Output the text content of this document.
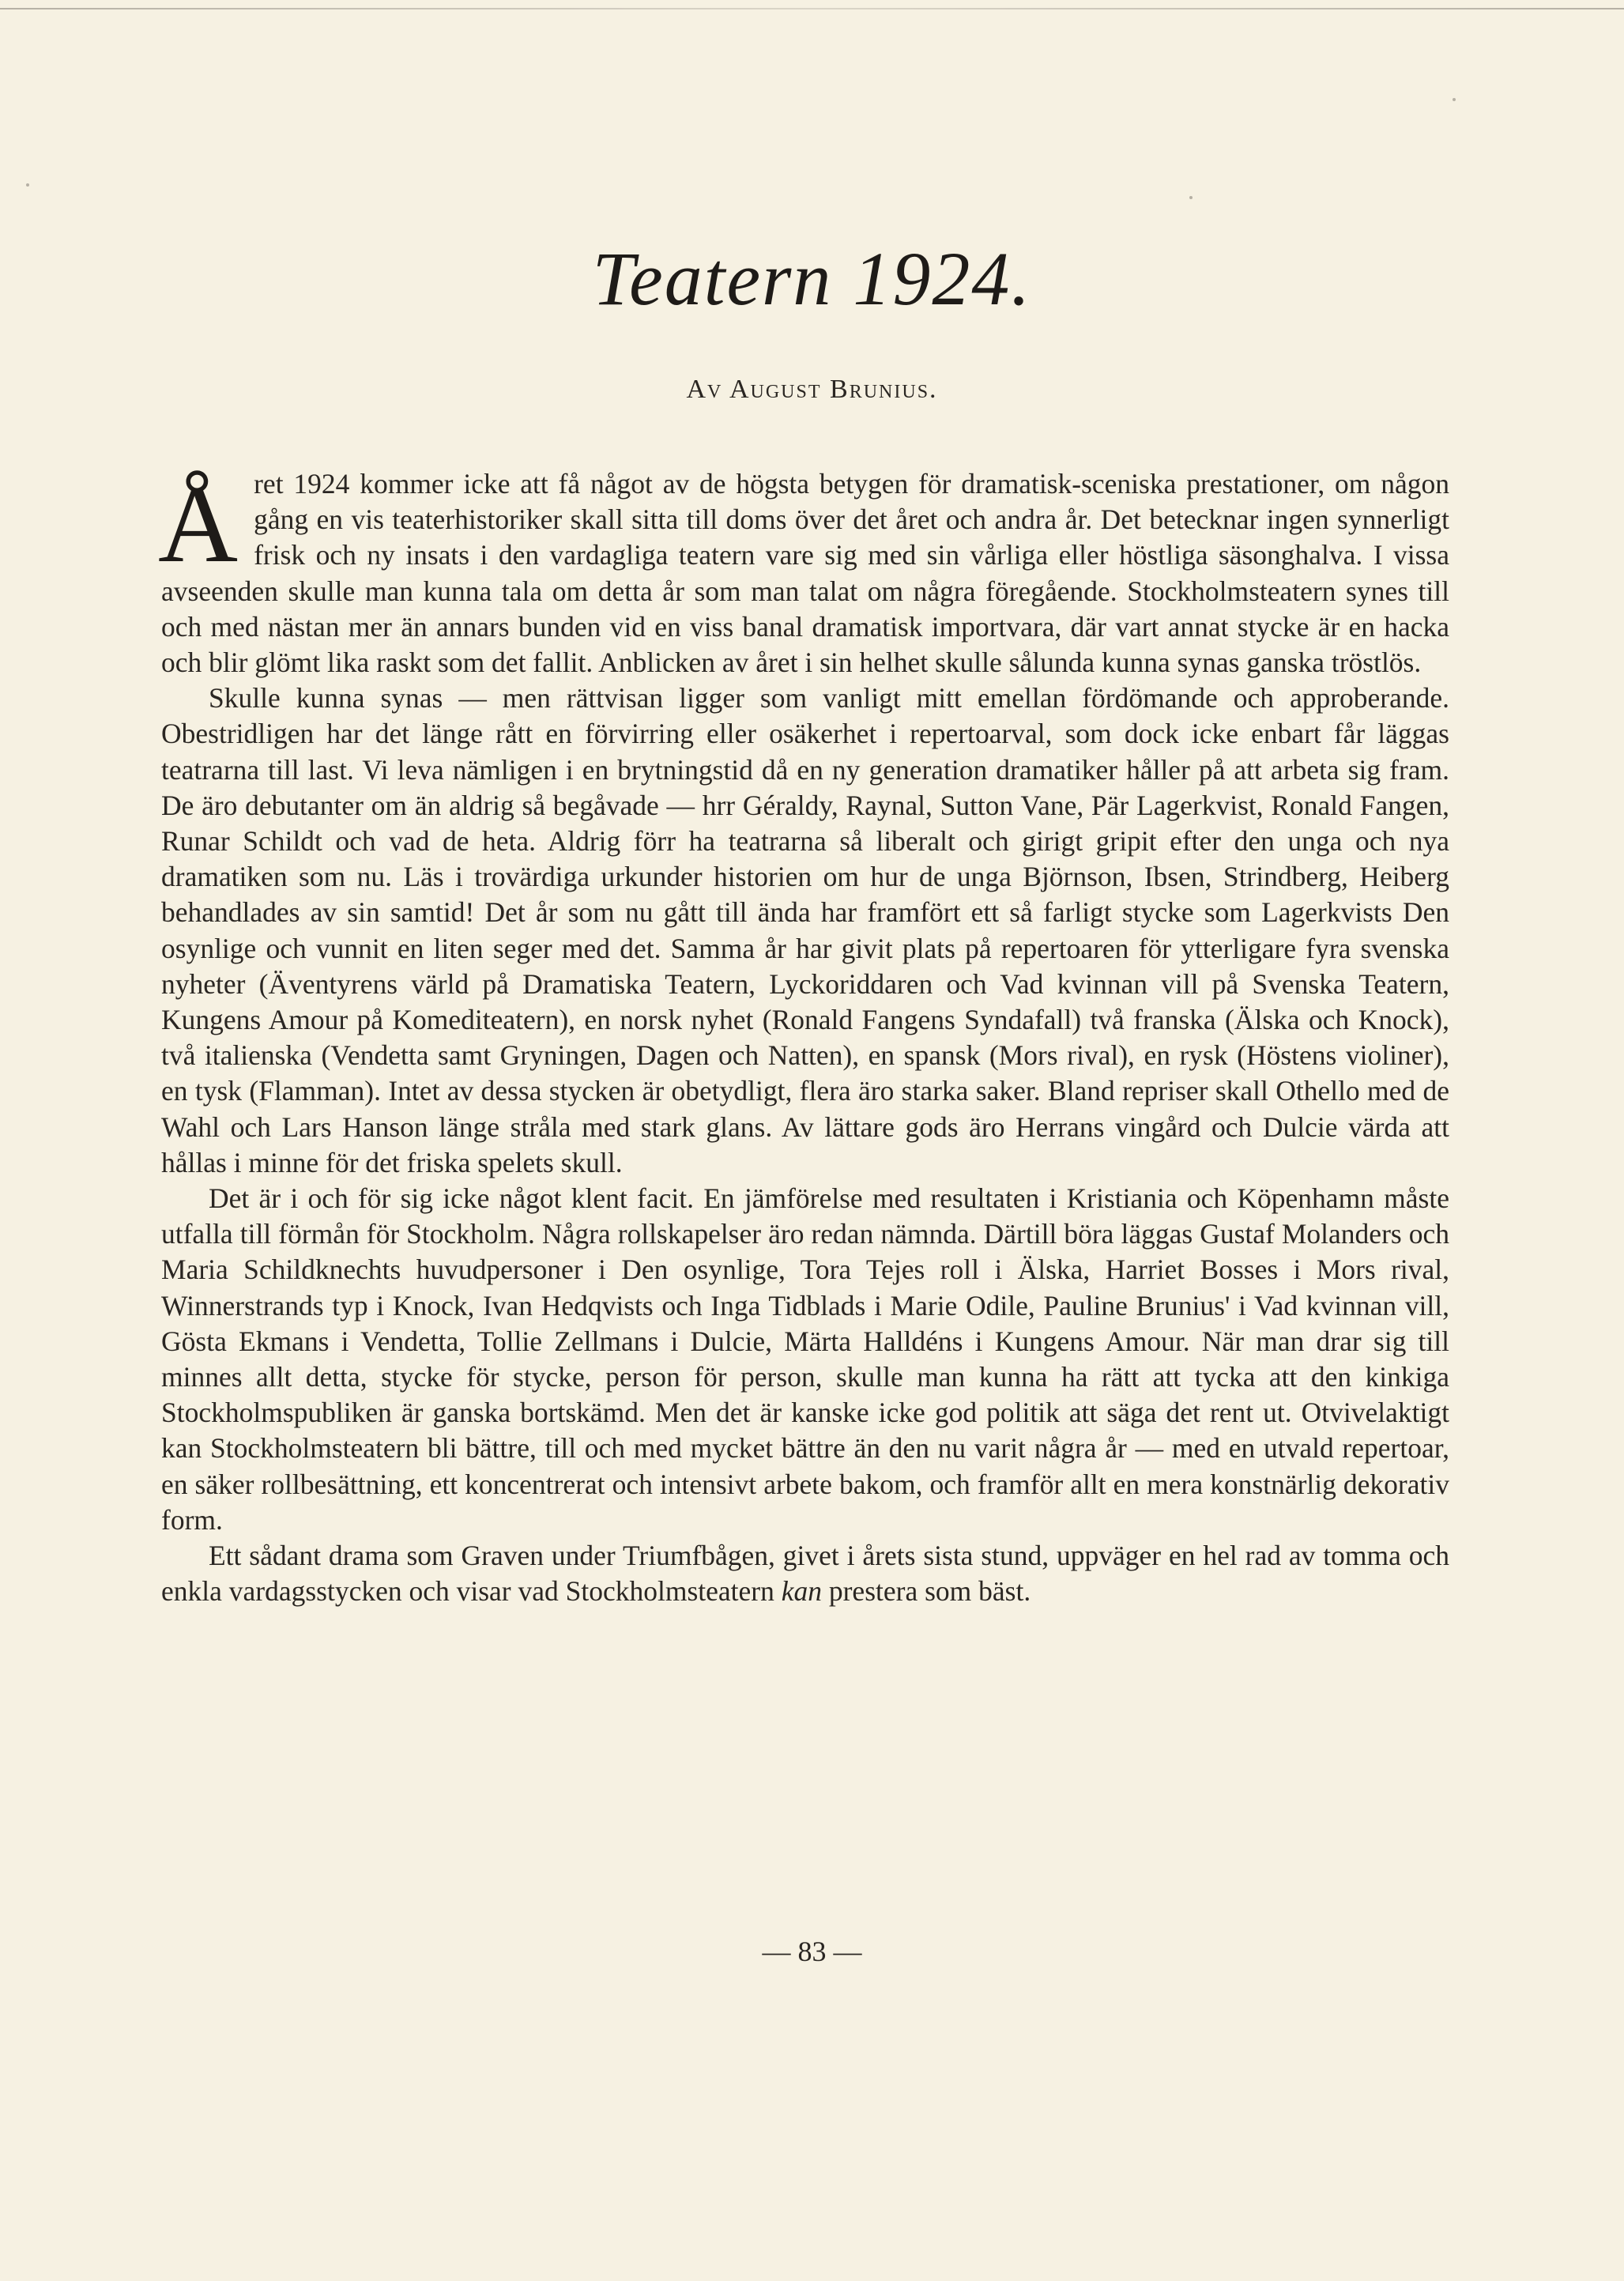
Teatern 1924.
Av August Brunius.

Året 1924 kommer icke att få något av de högsta betygen för dramatisk-sceniska prestationer, om någon gång en vis teaterhistoriker skall sitta till doms över det året och andra år. Det betecknar ingen synnerligt frisk och ny insats i den vardagliga teatern vare sig med sin vårliga eller höstliga säsonghalva. I vissa avseenden skulle man kunna tala om detta år som man talat om några föregående. Stockholmsteatern synes till och med nästan mer än annars bunden vid en viss banal dramatisk importvara, där vart annat stycke är en hacka och blir glömt lika raskt som det fallit. Anblicken av året i sin helhet skulle sålunda kunna synas ganska tröstlös.

Skulle kunna synas — men rättvisan ligger som vanligt mitt emellan fördömande och approberande. Obestridligen har det länge rått en förvirring eller osäkerhet i repertoarval, som dock icke enbart får läggas teatrarna till last. Vi leva nämligen i en brytningstid då en ny generation dramatiker håller på att arbeta sig fram. De äro debutanter om än aldrig så begåvade — hrr Géraldy, Raynal, Sutton Vane, Pär Lagerkvist, Ronald Fangen, Runar Schildt och vad de heta. Aldrig förr ha teatrarna så liberalt och girigt gripit efter den unga och nya dramatiken som nu. Läs i trovärdiga urkunder historien om hur de unga Björnson, Ibsen, Strindberg, Heiberg behandlades av sin samtid! Det år som nu gått till ända har framfört ett så farligt stycke som Lagerkvists Den osynlige och vunnit en liten seger med det. Samma år har givit plats på repertoaren för ytterligare fyra svenska nyheter (Äventyrens värld på Dramatiska Teatern, Lyckoriddaren och Vad kvinnan vill på Svenska Teatern, Kungens Amour på Komediteatern), en norsk nyhet (Ronald Fangens Syndafall) två franska (Älska och Knock), två italienska (Vendetta samt Gryningen, Dagen och Natten), en spansk (Mors rival), en rysk (Höstens violiner), en tysk (Flamman). Intet av dessa stycken är obetydligt, flera äro starka saker. Bland repriser skall Othello med de Wahl och Lars Hanson länge stråla med stark glans. Av lättare gods äro Herrans vingård och Dulcie värda att hållas i minne för det friska spelets skull.

Det är i och för sig icke något klent facit. En jämförelse med resultaten i Kristiania och Köpenhamn måste utfalla till förmån för Stockholm. Några rollskapelser äro redan nämnda. Därtill böra läggas Gustaf Molanders och Maria Schildknechts huvudpersoner i Den osynlige, Tora Tejes roll i Älska, Harriet Bosses i Mors rival, Winnerstrands typ i Knock, Ivan Hedqvists och Inga Tidblads i Marie Odile, Pauline Brunius' i Vad kvinnan vill, Gösta Ekmans i Vendetta, Tollie Zellmans i Dulcie, Märta Halldéns i Kungens Amour. När man drar sig till minnes allt detta, stycke för stycke, person för person, skulle man kunna ha rätt att tycka att den kinkiga Stockholmspubliken är ganska bortskämd. Men det är kanske icke god politik att säga det rent ut. Otvivelaktigt kan Stockholmsteatern bli bättre, till och med mycket bättre än den nu varit några år — med en utvald repertoar, en säker rollbesättning, ett koncentrerat och intensivt arbete bakom, och framför allt en mera konstnärlig dekorativ form.

Ett sådant drama som Graven under Triumfbågen, givet i årets sista stund, uppväger en hel rad av tomma och enkla vardagsstycken och visar vad Stockholmsteatern kan prestera som bäst.

— 83 —
